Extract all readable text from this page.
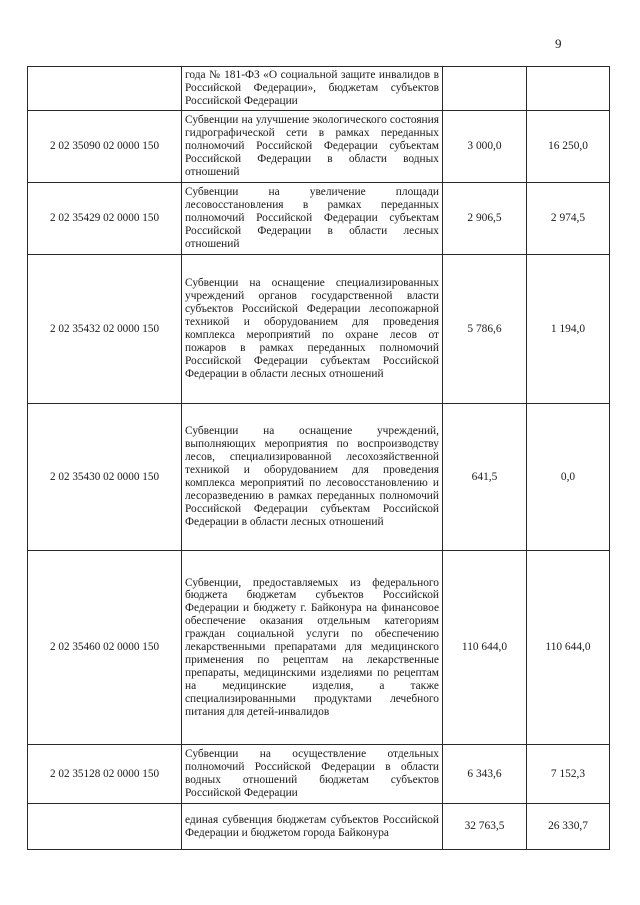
9
	года № 181-ФЗ «О социальной защите инвалидов в Российской Федерации», бюджетам субъектов Российской Федерации		
2 02 35090 02 0000 150	Субвенции на улучшение экологического состояния гидрографической сети в рамках переданных полномочий Российской Федерации субъектам Российской Федерации в области водных отношений	3 000,0	16 250,0
2 02 35429 02 0000 150	Субвенции на увеличение площади лесовосстановления в рамках переданных полномочий Российской Федерации субъектам Российской Федерации в области лесных отношений	2 906,5	2 974,5
2 02 35432 02 0000 150	Субвенции на оснащение специализированных учреждений органов государственной власти субъектов Российской Федерации лесопожарной техникой и оборудованием для проведения комплекса мероприятий по охране лесов от пожаров в рамках переданных полномочий Российской Федерации субъектам Российской Федерации в области лесных отношений	5 786,6	1 194,0
2 02 35430 02 0000 150	Субвенции на оснащение учреждений, выполняющих мероприятия по воспроизводству лесов, специализированной лесохозяйственной техникой и оборудованием для проведения комплекса мероприятий по лесовосстановлению и лесоразведению в рамках переданных полномочий Российской Федерации субъектам Российской Федерации в области лесных отношений	641,5	0,0
2 02 35460 02 0000 150	Субвенции, предоставляемых из федерального бюджета бюджетам субъектов Российской Федерации и бюджету г. Байконура на финансовое обеспечение оказания отдельным категориям граждан социальной услуги по обеспечению лекарственными препаратами для медицинского применения по рецептам на лекарственные препараты, медицинскими изделиями по рецептам на медицинские изделия, а также специализированными продуктами лечебного питания для детей-инвалидов	110 644,0	110 644,0
2 02 35128 02 0000 150	Субвенции на осуществление отдельных полномочий Российской Федерации в области водных отношений бюджетам субъектов Российской Федерации	6 343,6	7 152,3
	единая субвенция бюджетам субъектов Российской Федерации и бюджетом города Байконура	32 763,5	26 330,7
